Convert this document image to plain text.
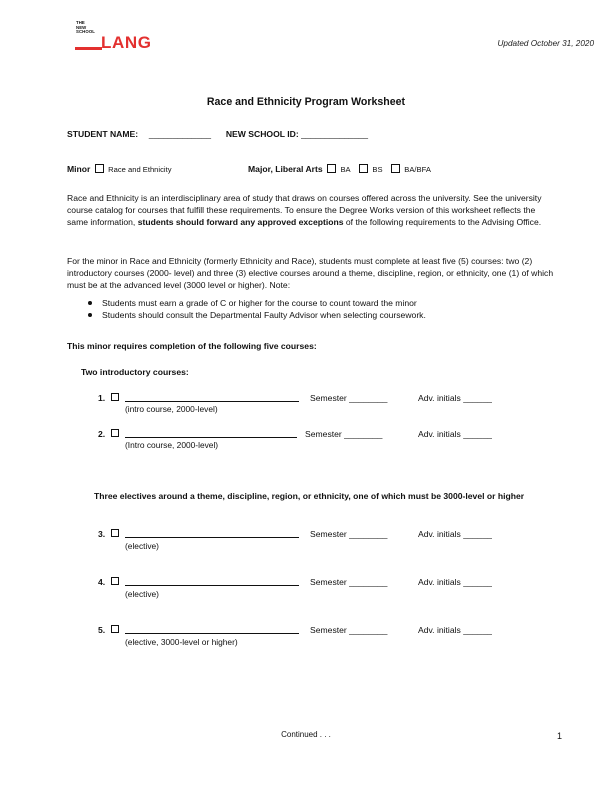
THE
NEW
SCHOOL
LANG	Updated October 31, 2020
Race and Ethnicity Program Worksheet
STUDENT NAME: _____________ NEW SCHOOL ID: ______________
Minor Race and Ethnicity	Major, Liberal Arts BA	BS	BA/BFA
Race and Ethnicity is an interdisciplinary area of study that draws on courses offered across the university. See the university course catalog for courses that fulfill these requirements. To ensure the Degree Works version of this worksheet reflects the same information, students should forward any approved exceptions of the following requirements to the Advising Office.
For the minor in Race and Ethnicity (formerly Ethnicity and Race), students must complete at least five (5) courses: two (2) introductory courses (2000- level) and three (3) elective courses around a theme, discipline, region, or ethnicity, one (1) of which must be at the advanced level (3000 level or higher). Note:
Students must earn a grade of C or higher for the course to count toward the minor
Students should consult the Departmental Faulty Advisor when selecting coursework.
This minor requires completion of the following five courses:
Two introductory courses:
1.	Semester ________	Adv. initials ______
(intro course, 2000-level)
2.	Semester ________	Adv. initials ______
(Intro course, 2000-level)
Three electives around a theme, discipline, region, or ethnicity, one of which must be 3000-level or higher
3.	Semester ________	Adv. initials ______
(elective)
4.	Semester ________	Adv. initials ______
(elective)
5.	Semester ________	Adv. initials ______
(elective, 3000-level or higher)
Continued . . .	1
